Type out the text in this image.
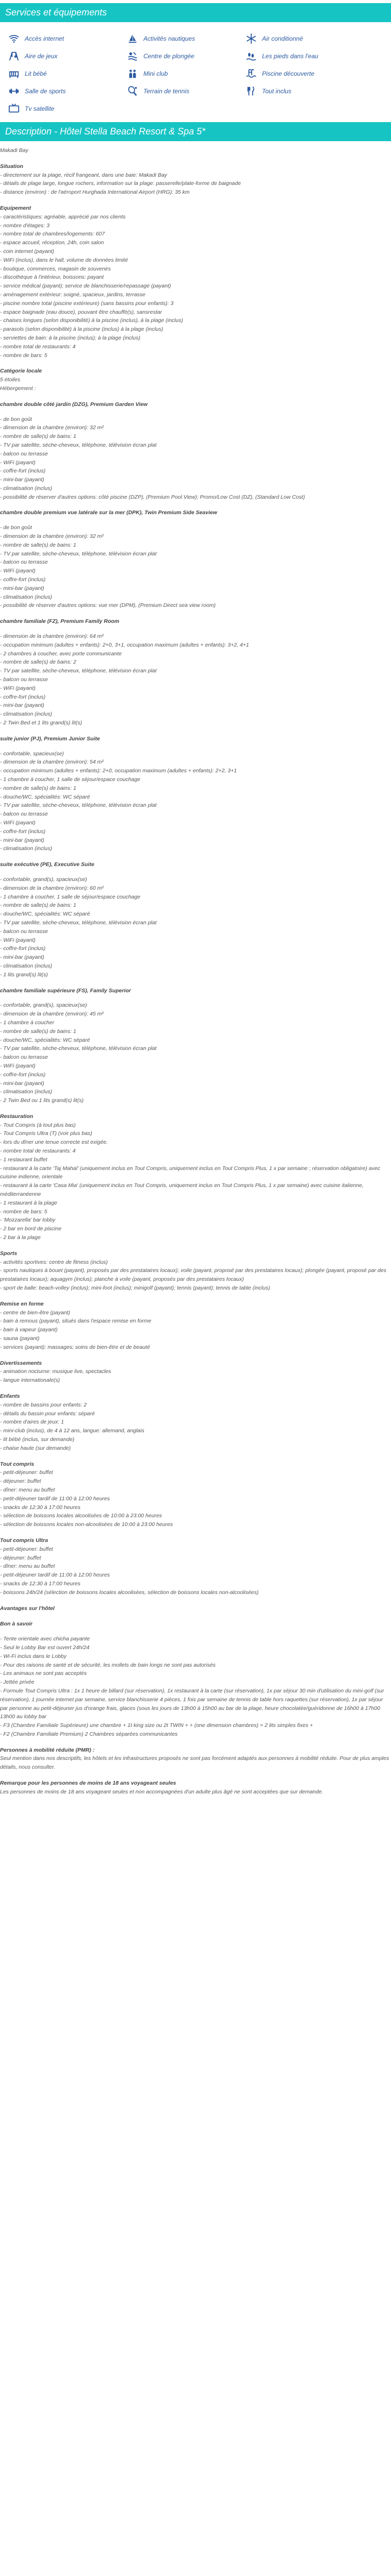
Services et équipements
Accès internet	Activités nautiques	Air conditionné
Aire de jeux	Centre de plongée	Les pieds dans l'eau
Lit bébé	Mini club	Piscine découverte
Salle de sports	Terrain de tennis	Tout inclus
Tv satellite
Description - Hôtel Stella Beach Resort & Spa 5*
Makadi Bay
Situation
- directement sur la plage, récif frangeant, dans une baie: Makadi Bay
- détails de plage large, longue rochers, information sur la plage: passerelle/plate-forme de baignade
- distance (environ) : de l'aéroport Hurghada International Airport (HRG): 35 km
Equipement
- caractéristiques: agréable, apprécié par nos clients
- nombre d'étages: 3
- nombre total de chambres/logements: 607
- espace accueil, réception, 24h, coin salon
- coin internet (payant)
- WiFi (inclus), dans le hall, volume de données limité
- boutique, commerces, magasin de souvenirs
- discothèque à l'intérieur, boissons: payant
- service médical (payant); service de blanchisserie/repassage (payant)
- aménagement extérieur: soigné, spacieux, jardins, terrasse
- piscine nombre total (piscine extérieure) (sans bassins pour enfants): 3
- espace baignade (eau douce), pouvant être chauffé(s), sansrestar
- chaises longues (selon disponibilité) à la piscine (inclus), à la plage (inclus)
- parasols (selon disponibilité) à la piscine (inclus) à la plage (inclus)
- serviettes de bain: à la piscine (inclus); à la plage (inclus)
- nombre total de restaurants: 4
- nombre de bars: 5
Catégorie locale
5 étoiles
Hébergement :
chambre double côté jardin (DZG), Premium Garden View
- de bon goût
- dimension de la chambre (environ): 32 m²
- nombre de salle(s) de bains: 1
- TV par satellite, sèche-cheveux, téléphone, télévision écran plat
- balcon ou terrasse
- WiFi (payant)
- coffre-fort (inclus)
- mini-bar (payant)
- climatisation (inclus)
- possibilité de réserver d'autres options: côté piscine (DZP), (Premium Pool View); Promo/Low Cost (DZ), (Standard Low Cost)
chambre double premium vue latérale sur la mer (DPK), Twin Premium Side Seaview
- de bon goût
- dimension de la chambre (environ): 32 m²
- nombre de salle(s) de bains: 1
- TV par satellite, sèche-cheveux, téléphone, télévision écran plat
- balcon ou terrasse
- WiFi (payant)
- coffre-fort (inclus)
- mini-bar (payant)
- climatisation (inclus)
- possibilité de réserver d'autres options: vue mer (DPM), (Premium Direct sea view room)
chambre familiale (FZ), Premium Family Room
- dimension de la chambre (environ): 64 m²
- occupation minimum (adultes + enfants): 2+0, 3+1, occupation maximum (adultes + enfants): 3+2, 4+1
- 2 chambres à coucher, avec porte communicante
- nombre de salle(s) de bains: 2
- TV par satellite, sèche-cheveux, téléphone, télévision écran plat
- balcon ou terrasse
- WiFi (payant)
- coffre-fort (inclus)
- mini-bar (payant)
- climatisation (inclus)
- 2 Twin Bed et 1 lits grand(s) lit(s)
suite junior (PJ), Premium Junior Suite
- confortable, spacieux(se)
- dimension de la chambre (environ): 54 m²
- occupation minimum (adultes + enfants): 2+0, occupation maximum (adultes + enfants): 2+2, 3+1
- 1 chambre à coucher, 1 salle de séjour/espace couchage
- nombre de salle(s) de bains: 1
- douche/WC, spécialités: WC séparé
- TV par satellite, sèche-cheveux, téléphone, télévision écran plat
- balcon ou terrasse
- WiFi (payant)
- coffre-fort (inclus)
- mini-bar (payant)
- climatisation (inclus)
suite exécutive (PE), Executive Suite
- confortable, grand(s), spacieux(se)
- dimension de la chambre (environ): 60 m²
- 1 chambre à coucher, 1 salle de séjour/espace couchage
- nombre de salle(s) de bains: 1
- douche/WC, spécialités: WC séparé
- TV par satellite, sèche-cheveux, téléphone, télévision écran plat
- balcon ou terrasse
- WiFi (payant)
- coffre-fort (inclus)
- mini-bar (payant)
- climatisation (inclus)
- 1 lits grand(s) lit(s)
chambre familiale supérieure (FS), Family Superior
- confortable, grand(s), spacieux(se)
- dimension de la chambre (environ): 45 m²
- 1 chambre à coucher
- nombre de salle(s) de bains: 1
- douche/WC, spécialités: WC séparé
- TV par satellite, sèche-cheveux, téléphone, télévision écran plat
- balcon ou terrasse
- WiFi (payant)
- coffre-fort (inclus)
- mini-bar (payant)
- climatisation (inclus)
- 2 Twin Bed ou 1 lits grand(s) lit(s)
Restauration
- Tout Compris (à tout plus bas)
- Tout Compris Ultra (T) (voir plus bas)
- lors du dîner une tenue correcte est exigée.
- nombre total de restaurants: 4
- 1 restaurant buffet
- restaurant à la carte 'Taj Mahal' (uniquement inclus en Tout Compris, uniquement inclus en Tout Compris Plus, 1 x par semaine ; réservation obligatoire) avec cuisine indienne, orientale
- restaurant à la carte 'Casa Mia' (uniquement inclus en Tout Compris, uniquement inclus en Tout Compris Plus, 1 x par semaine) avec cuisine italienne, méditerranéenne
- 1 restaurant à la plage
- nombre de bars: 5
- 'Mozzarella' bar lobby
- 2 bar en bord de piscine
- 2 bar à la plage
Sports
- activités sportives: centre de fitness (inclus)
- sports nautiques à bouet (payant), proposés par des prestataires locaux); voile (payant, proposé par des prestataires locaux); plongée (payant, proposé par des prestataires locaux); aquagym (inclus); planche à voile (payant, proposés par des prestataires locaux)
- sport de balle: beach-volley (inclus); mini-foot (inclus); minigolf (payant); tennis (payant); tennis de table (inclus)
Remise en forme
- centre de bien-être (payant)
- bain à remous (payant), situés dans l'espace remise en forme
- bain à vapeur (payant)
- sauna (payant)
- services (payant): massages; soins de bien-être et de beauté
Divertissements
- animation nocturne: musique live, spectacles
- langue internationale(s)
Enfants
- nombre de bassins pour enfants: 2
- détails du bassin pour enfants: séparé
- nombre d'aires de jeux: 1
- mini-club (inclus), de 4 à 12 ans, langue: allemand, anglais
- lit bébé (inclus, sur demande)
- chaise haute (sur demande)
Tout compris
- petit-déjeuner: buffet
- déjeuner: buffet
- dîner: menu au buffet
- petit-déjeuner tardif de 11:00 à 12:00 heures
- snacks de 12:30 à 17:00 heures
- sélection de boissons locales alcoolisées de 10:00 à 23:00 heures
- sélection de boissons locales non-alcoolisées de 10:00 à 23:00 heures
Tout compris Ultra
- petit-déjeuner: buffet
- déjeuner: buffet
- dîner: menu au buffet
- petit-déjeuner tardif de 11:00 à 12:00 heures
- snacks de 12:30 à 17:00 heures
- boissons 24h/24 (sélection de boissons locales alcoolisées, sélection de boissons locales non-alcoolisées)
Avantages sur l'hôtel
Bon à savoir
- Tente orientale avec chicha payante
- Seul le Lobby Bar est ouvert 24h/24
- Wi-Fi inclus dans le Lobby
- Pour des raisons de santé et de sécurité, les mollets de bain longs ne sont pas autorisés
- Les animaux ne sont pas acceptés
- Jettée privée
- Formule Tout Compris Ultra : 1x 1 heure de billard (sur réservation), 1x restaurant à la carte (sur réservation), 1x par séjour 30 min d'utilisation du mini-golf (sur réservation), 1 journée internet par semaine, service blanchisserie 4 pièces, 1 fois par semaine de tennis de table hors raquettes (sur réservation), 1x par séjour par personne au petit-déjeuner jus d'orange frais, glaces (sous les jours de 13h00 à 15h00 au bar de la plage, heure chocolatée/guéridonne de 16h00 à 17h00 13h00 au lobby bar
- F3 (Chambre Familiale Supérieure) une chambre + 1t king size ou 2t TWIN + + (one dimension chambres) = 2 lits simples fixes +
- F2 (Chambre Familiale Premium) 2 Chambres séparées communicantes
Personnes à mobilité réduite (PMR) :
Seul mention dans nos descriptifs, les hôtels et les infrastructures proposés ne sont pas forcément adaptés aux personnes à mobilité réduite. Pour de plus amples détails, nous consulter.
Remarque pour les personnes de moins de 18 ans voyageant seules
Les personnes de moins de 18 ans voyageant seules et non accompagnées d'un adulte plus âgé ne sont acceptées que sur demande.
